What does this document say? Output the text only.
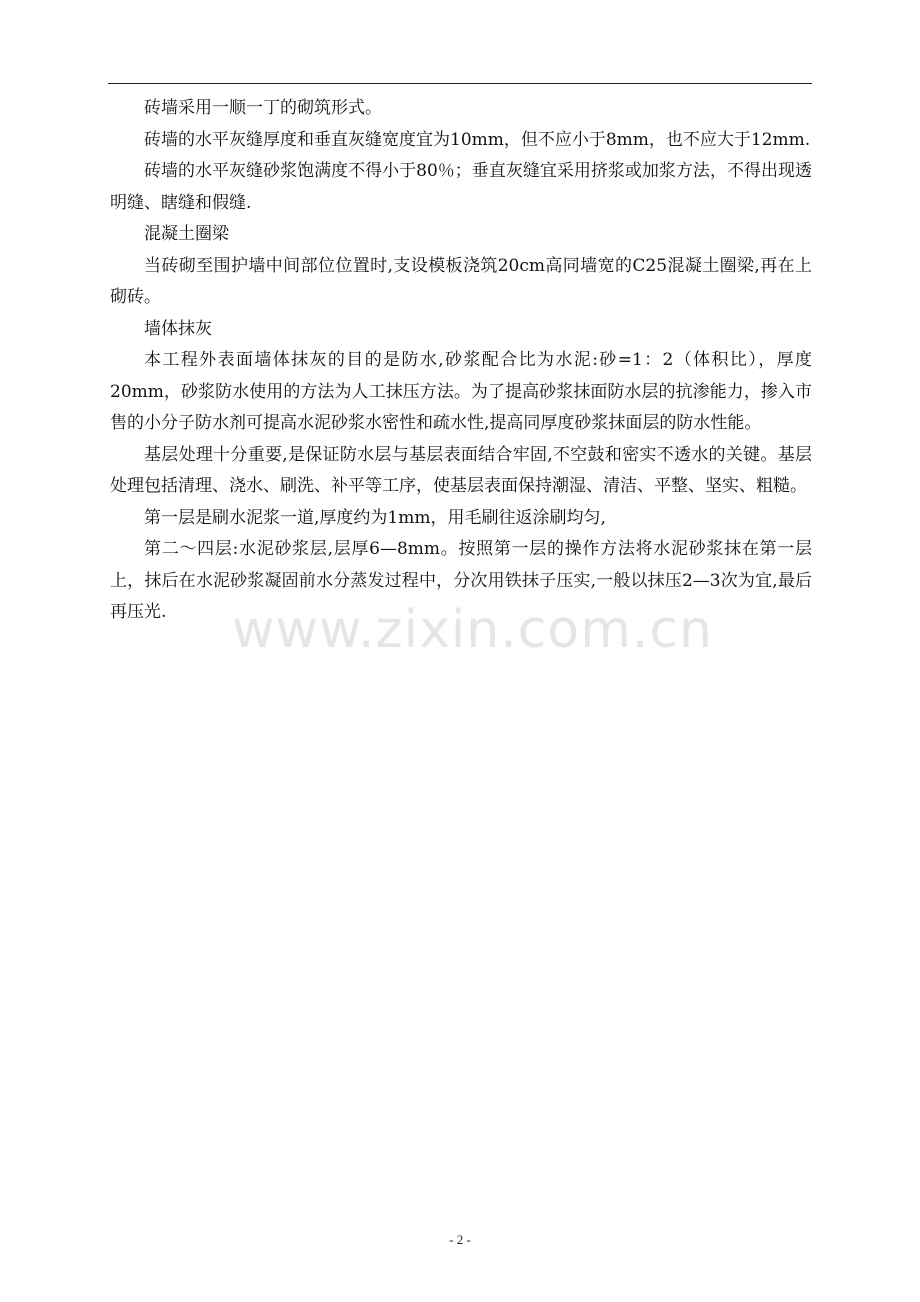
砖墙采用一顺一丁的砌筑形式。

砖墙的水平灰缝厚度和垂直灰缝宽度宜为10mm，但不应小于8mm，也不应大于12mm.

砖墙的水平灰缝砂浆饱满度不得小于80％；垂直灰缝宜采用挤浆或加浆方法，不得出现透明缝、瞎缝和假缝.

混凝土圈梁

当砖砌至围护墙中间部位位置时,支设模板浇筑20cm高同墙宽的C25混凝土圈梁,再在上砌砖。

墙体抹灰

本工程外表面墙体抹灰的目的是防水,砂浆配合比为水泥:砂=1：2（体积比），厚度20mm，砂浆防水使用的方法为人工抹压方法。为了提高砂浆抹面防水层的抗渗能力，掺入市售的小分子防水剂可提高水泥砂浆水密性和疏水性,提高同厚度砂浆抹面层的防水性能。

基层处理十分重要,是保证防水层与基层表面结合牢固,不空鼓和密实不透水的关键。基层处理包括清理、浇水、刷洗、补平等工序，使基层表面保持潮湿、清洁、平整、坚实、粗糙。

第一层是刷水泥浆一道,厚度约为1mm，用毛刷往返涂刷均匀,

第二～四层:水泥砂浆层,层厚6—8mm。按照第一层的操作方法将水泥砂浆抹在第一层上，抹后在水泥砂浆凝固前水分蒸发过程中，分次用铁抹子压实,一般以抹压2—3次为宜,最后再压光.	www.zixin.com.cn
- 2 -
